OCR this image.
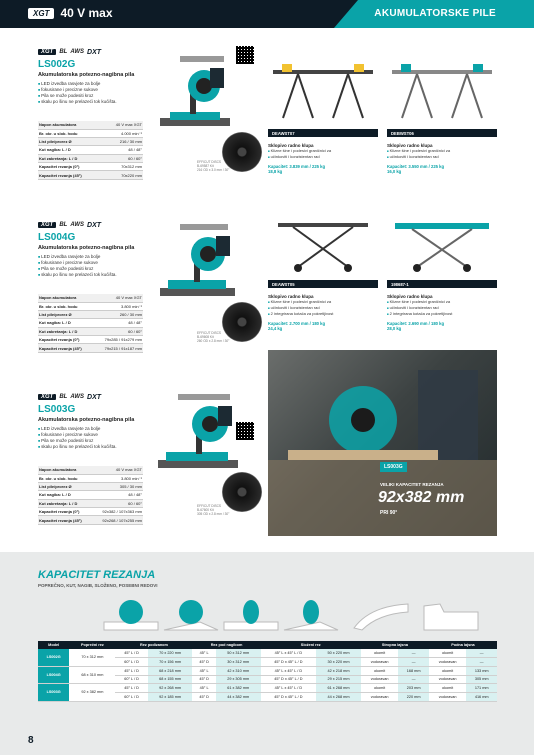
XGT 40 V max	AKUMULATORSKE PILE
XGT	BL AWS DXT
LS002G
Akumulatorska potezno-nagibna pila
■ LED izvedba rasvjete za bolje
■ fokusirane i precizne sukove
■ Pila se može podesiti kroz
■ skalu po šinu ne prelazeći tok kućišta.
Napon akumulatora	40 V max XGT
Br. okr. u slob. hodu	4.000 min⁻¹
List pile/prorez Ø	216 / 30 mm
Kut nagiba: L / D	48 / 48°
Kut zakretanja: L / D	60 / 60°
Kapacitet rezanja (0°)	70x312 mm
Kapacitet rezanja (45°)	70x220 mm
EFFICUT DISCS
B-69587 Kit
216 OD x 3.0 mm / 30°
XGT	BL AWS DXT
LS004G
Akumulatorska potezno-nagibna pila
■ LED izvedba rasvjete za bolje
■ fokusirane i precizne sukove
■ Pila se može podesiti kroz
■ skalu po šinu ne prelazeći tok kućišta.
Napon akumulatora	40 V max XGT
Br. okr. u slob. hodu	3.800 min⁻¹
List pile/prorez Ø	260 / 30 mm
Kut nagiba: L / D	48 / 48°
Kut zakretanja: L / D	60 / 60°
Kapacitet rezanja (0°)	79x285 / 91x279 mm
Kapacitet rezanja (45°)	79x215 / 91x187 mm
EFFICUT DISCS
B-69608 Kit
260 OD x 2.8 mm / 30°
XGT	BL AWS DXT
LS003G
Akumulatorska potezno-nagibna pila
■ LED izvedba rasvjete za bolje
■ fokusirane i precizne sukove
■ Pila se može podesiti kroz
■ skalu po šinu ne prelazeći tok kućišta.
Napon akumulatora	40 V max XGT
Br. okr. u slob. hodu	3.800 min⁻¹
List pile/prorez Ø	305 / 30 mm
Kut nagiba: L / D	48 / 48°
Kut zakretanja: L / D	60 / 60°
Kapacitet rezanja (0°)	92x382 / 107x363 mm
Kapacitet rezanja (45°)	92x268 / 107x255 mm
EFFICUT DISCS
B-67600 Kit
305 OD x 2.8 mm / 30°
DEAWST07
Sklopivo radno klupa
■ Klizne šine i podesivi graničnici za
■ učinkoviti i konzistentan rad
Kapacitet: 3.839 mm / 225 kg
18,8 kg
DEBWST06
Sklopivo radno klupa
■ Klizne šine i podesivi graničnici za
■ učinkoviti i konzistentan rad
Kapacitet: 3.550 mm / 225 kg
16,0 kg
DEAWST05
Sklopivo radno klupa
■ Klizne šine i podesivi graničnici za
■ učinkoviti i konzistentan rad
■ 2 integrirana kotača za pokretljivost
Kapacitet: 2.700 mm / 180 kg
24,4 kg
198687-1
Sklopivo radno klupa
■ Klizne šine i podesivi graničnici za
■ učinkoviti i konzistentan rad
■ 2 integrirana kotača za pokretljivost
Kapacitet: 2.690 mm / 180 kg
28,0 kg
LS003G
VELIKI KAPACITET REZANJA
92x382 mm
PRI 90°
KAPACITET REZANJA
POPREČNO, KUT, NAGIB, SLOŽENO, POSEBNI REDOVI
Model	Poprečni rez	Rez podizanom		Rez pod nagibom		Složeni rez		Stropna lajsna		Podna lajsna	
LS002G	70 x 312 mm	45° L / D	70 x 220 mm	45° L	50 x 312 mm	45° L x 45° L / D	50 x 220 mm	okomit	—	okomit	—
		60° L / D	70 x 156 mm	45° D	30 x 312 mm	45° D x 45° L / D	30 x 220 mm	vodoravan	—	vodoravan	—
LS004G	68 x 310 mm	45° L / D	68 x 218 mm	45° L	42 x 310 mm	45° L x 45° L / D	42 x 218 mm	okomit	168 mm	okomit	133 mm
		60° L / D	68 x 155 mm	45° D	29 x 305 mm	45° D x 45° L / D	29 x 215 mm	vodoravan	—	vodoravan	305 mm
LS003G	92 x 382 mm	45° L / D	92 x 268 mm	45° L	61 x 382 mm	45° L x 45° L / D	61 x 268 mm	okomit	203 mm	okomit	171 mm
		60° L / D	92 x 185 mm	45° D	44 x 382 mm	45° D x 45° L / D	44 x 268 mm	vodoravan	220 mm	vodoravan	416 mm
8
